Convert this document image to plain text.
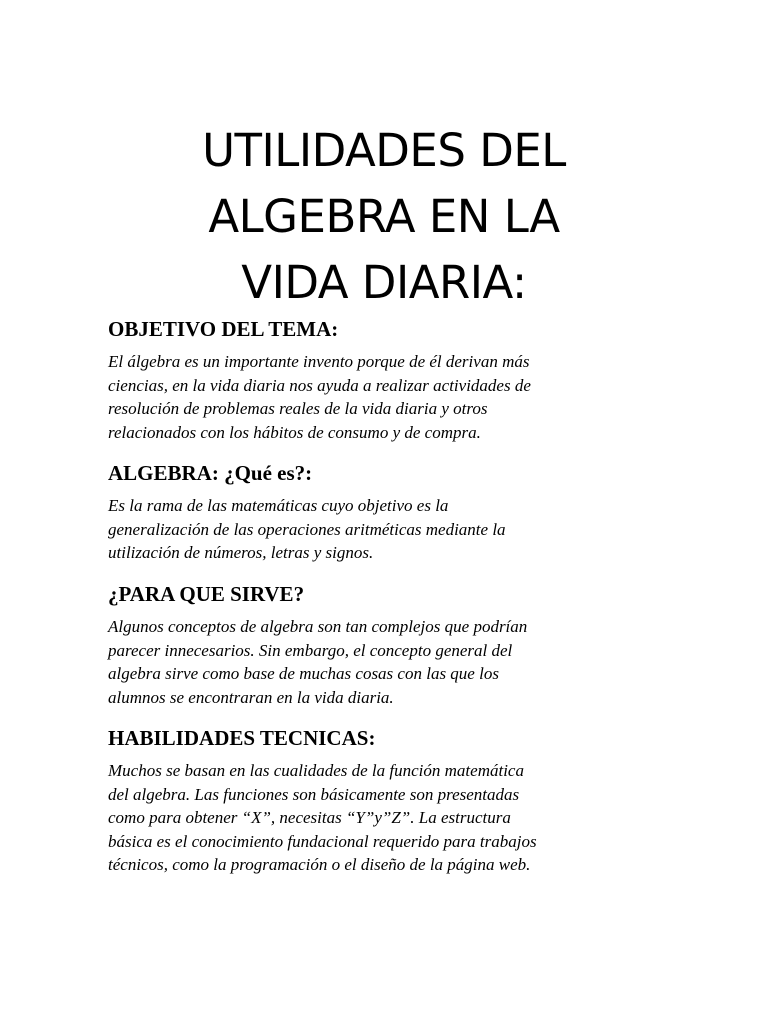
UTILIDADES DEL
ALGEBRA EN LA
VIDA DIARIA:
OBJETIVO DEL TEMA:

El álgebra es un importante invento porque de él derivan más
ciencias, en la vida diaria nos ayuda a realizar actividades de
resolución de problemas reales de la vida diaria y otros
relacionados con los hábitos de consumo y de compra.

ALGEBRA: ¿Qué es?:

Es la rama de las matemáticas cuyo objetivo es la
generalización de las operaciones aritméticas mediante la
utilización de números, letras y signos.

¿PARA QUE SIRVE?

Algunos conceptos de algebra son tan complejos que podrían
parecer innecesarios. Sin embargo, el concepto general del
algebra sirve como base de muchas cosas con las que los
alumnos se encontraran en la vida diaria.

HABILIDADES TECNICAS:

Muchos se basan en las cualidades de la función matemática
del algebra. Las funciones son básicamente son presentadas
como para obtener “X”, necesitas “Y”y”Z”. La estructura
básica es el conocimiento fundacional requerido para trabajos
técnicos, como la programación o el diseño de la página web.
